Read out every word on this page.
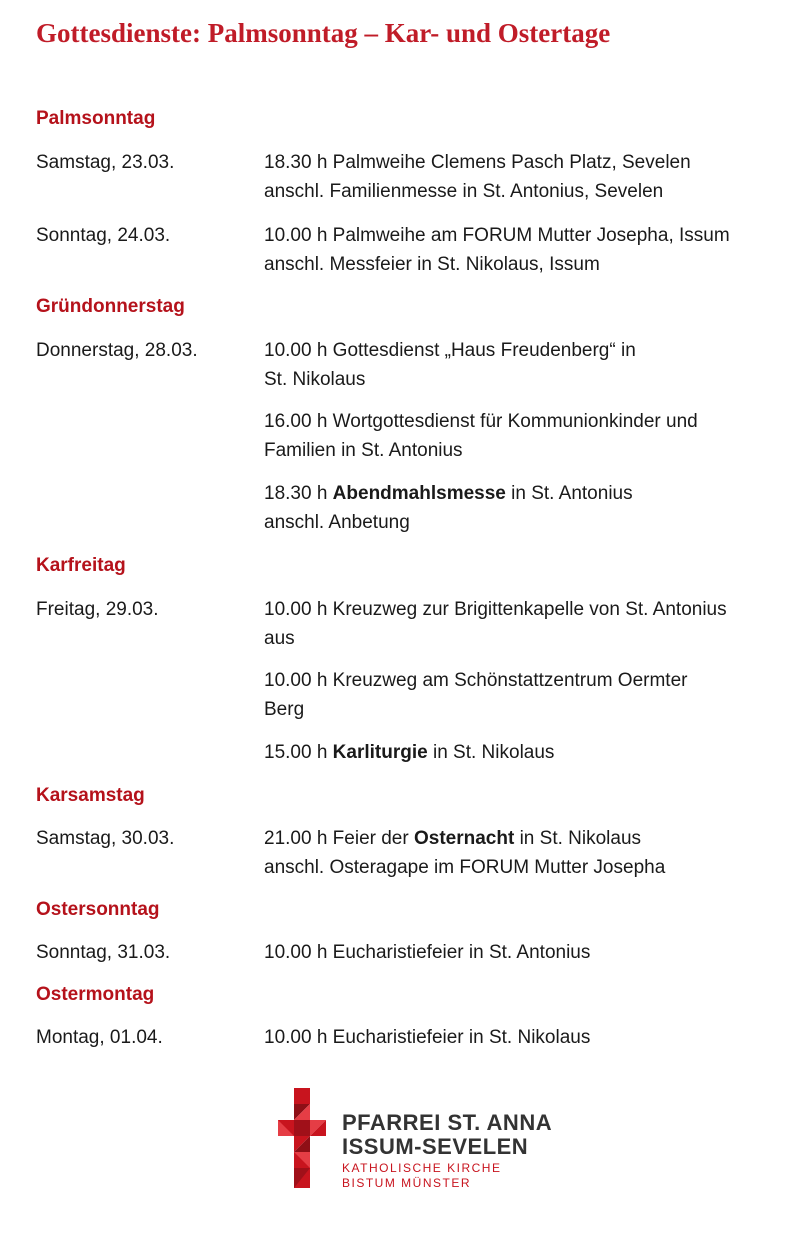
Gottesdienste: Palmsonntag – Kar- und Ostertage
Palmsonntag
Samstag, 23.03.	18.30 h Palmweihe Clemens Pasch Platz, Sevelen
anschl. Familienmesse in St. Antonius, Sevelen
Sonntag, 24.03.	10.00 h Palmweihe am FORUM Mutter Josepha, Issum
anschl. Messfeier in St. Nikolaus, Issum
Gründonnerstag
Donnerstag, 28.03.	10.00 h Gottesdienst „Haus Freudenberg“ in
St. Nikolaus
16.00 h Wortgottesdienst für Kommunionkinder und
Familien in St. Antonius
18.30 h Abendmahlsmesse in St. Antonius
anschl. Anbetung
Karfreitag
Freitag, 29.03.	10.00 h Kreuzweg zur Brigittenkapelle von St. Antonius
aus
10.00 h Kreuzweg am Schönstattzentrum Oermter
Berg
15.00 h Karliturgie in St. Nikolaus
Karsamstag
Samstag, 30.03.	21.00 h Feier der Osternacht in St. Nikolaus
anschl. Osteragape im FORUM Mutter Josepha
Ostersonntag
Sonntag, 31.03.	10.00 h Eucharistiefeier in St. Antonius
Ostermontag
Montag, 01.04.	10.00 h Eucharistiefeier in St. Nikolaus
PFARREI ST. ANNA
ISSUM-SEVELEN
KATHOLISCHE KIRCHE
BISTUM MÜNSTER
